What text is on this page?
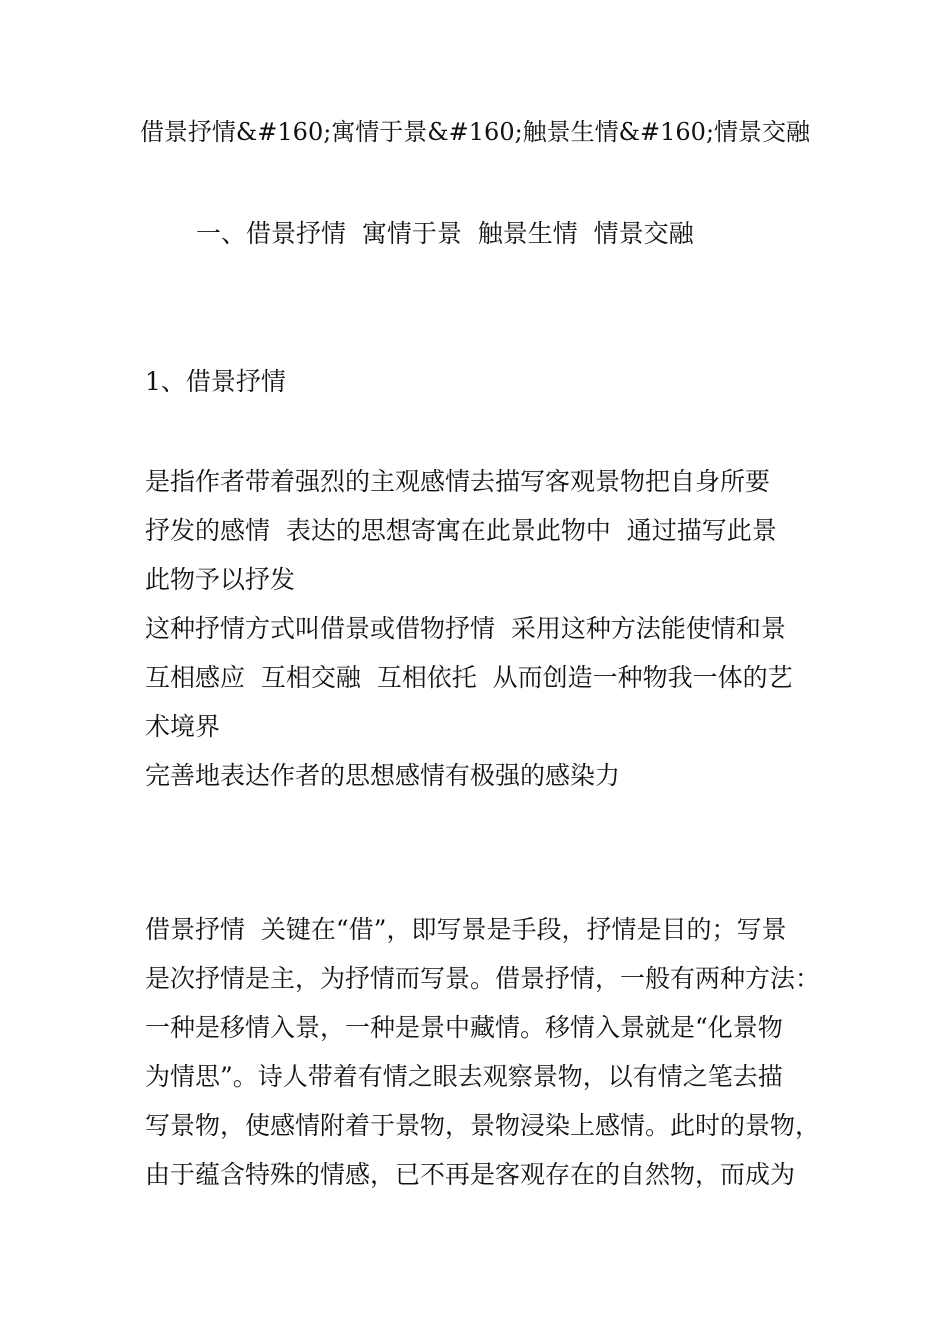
借景抒情&#160;寓情于景&#160;触景生情&#160;情景交融
一、借景抒情  寓情于景  触景生情  情景交融
1、借景抒情
是指作者带着强烈的主观感情去描写客观景物把自身所要
抒发的感情  表达的思想寄寓在此景此物中  通过描写此景
此物予以抒发
这种抒情方式叫借景或借物抒情  采用这种方法能使情和景
互相感应  互相交融  互相依托  从而创造一种物我一体的艺
术境界
完善地表达作者的思想感情有极强的感染力
借景抒情  关键在“借”，即写景是手段，抒情是目的；写景
是次抒情是主，为抒情而写景。借景抒情，一般有两种方法：
一种是移情入景，一种是景中藏情。移情入景就是“化景物
为情思”。诗人带着有情之眼去观察景物，以有情之笔去描
写景物，使感情附着于景物，景物浸染上感情。此时的景物，
由于蕴含特殊的情感，已不再是客观存在的自然物，而成为
